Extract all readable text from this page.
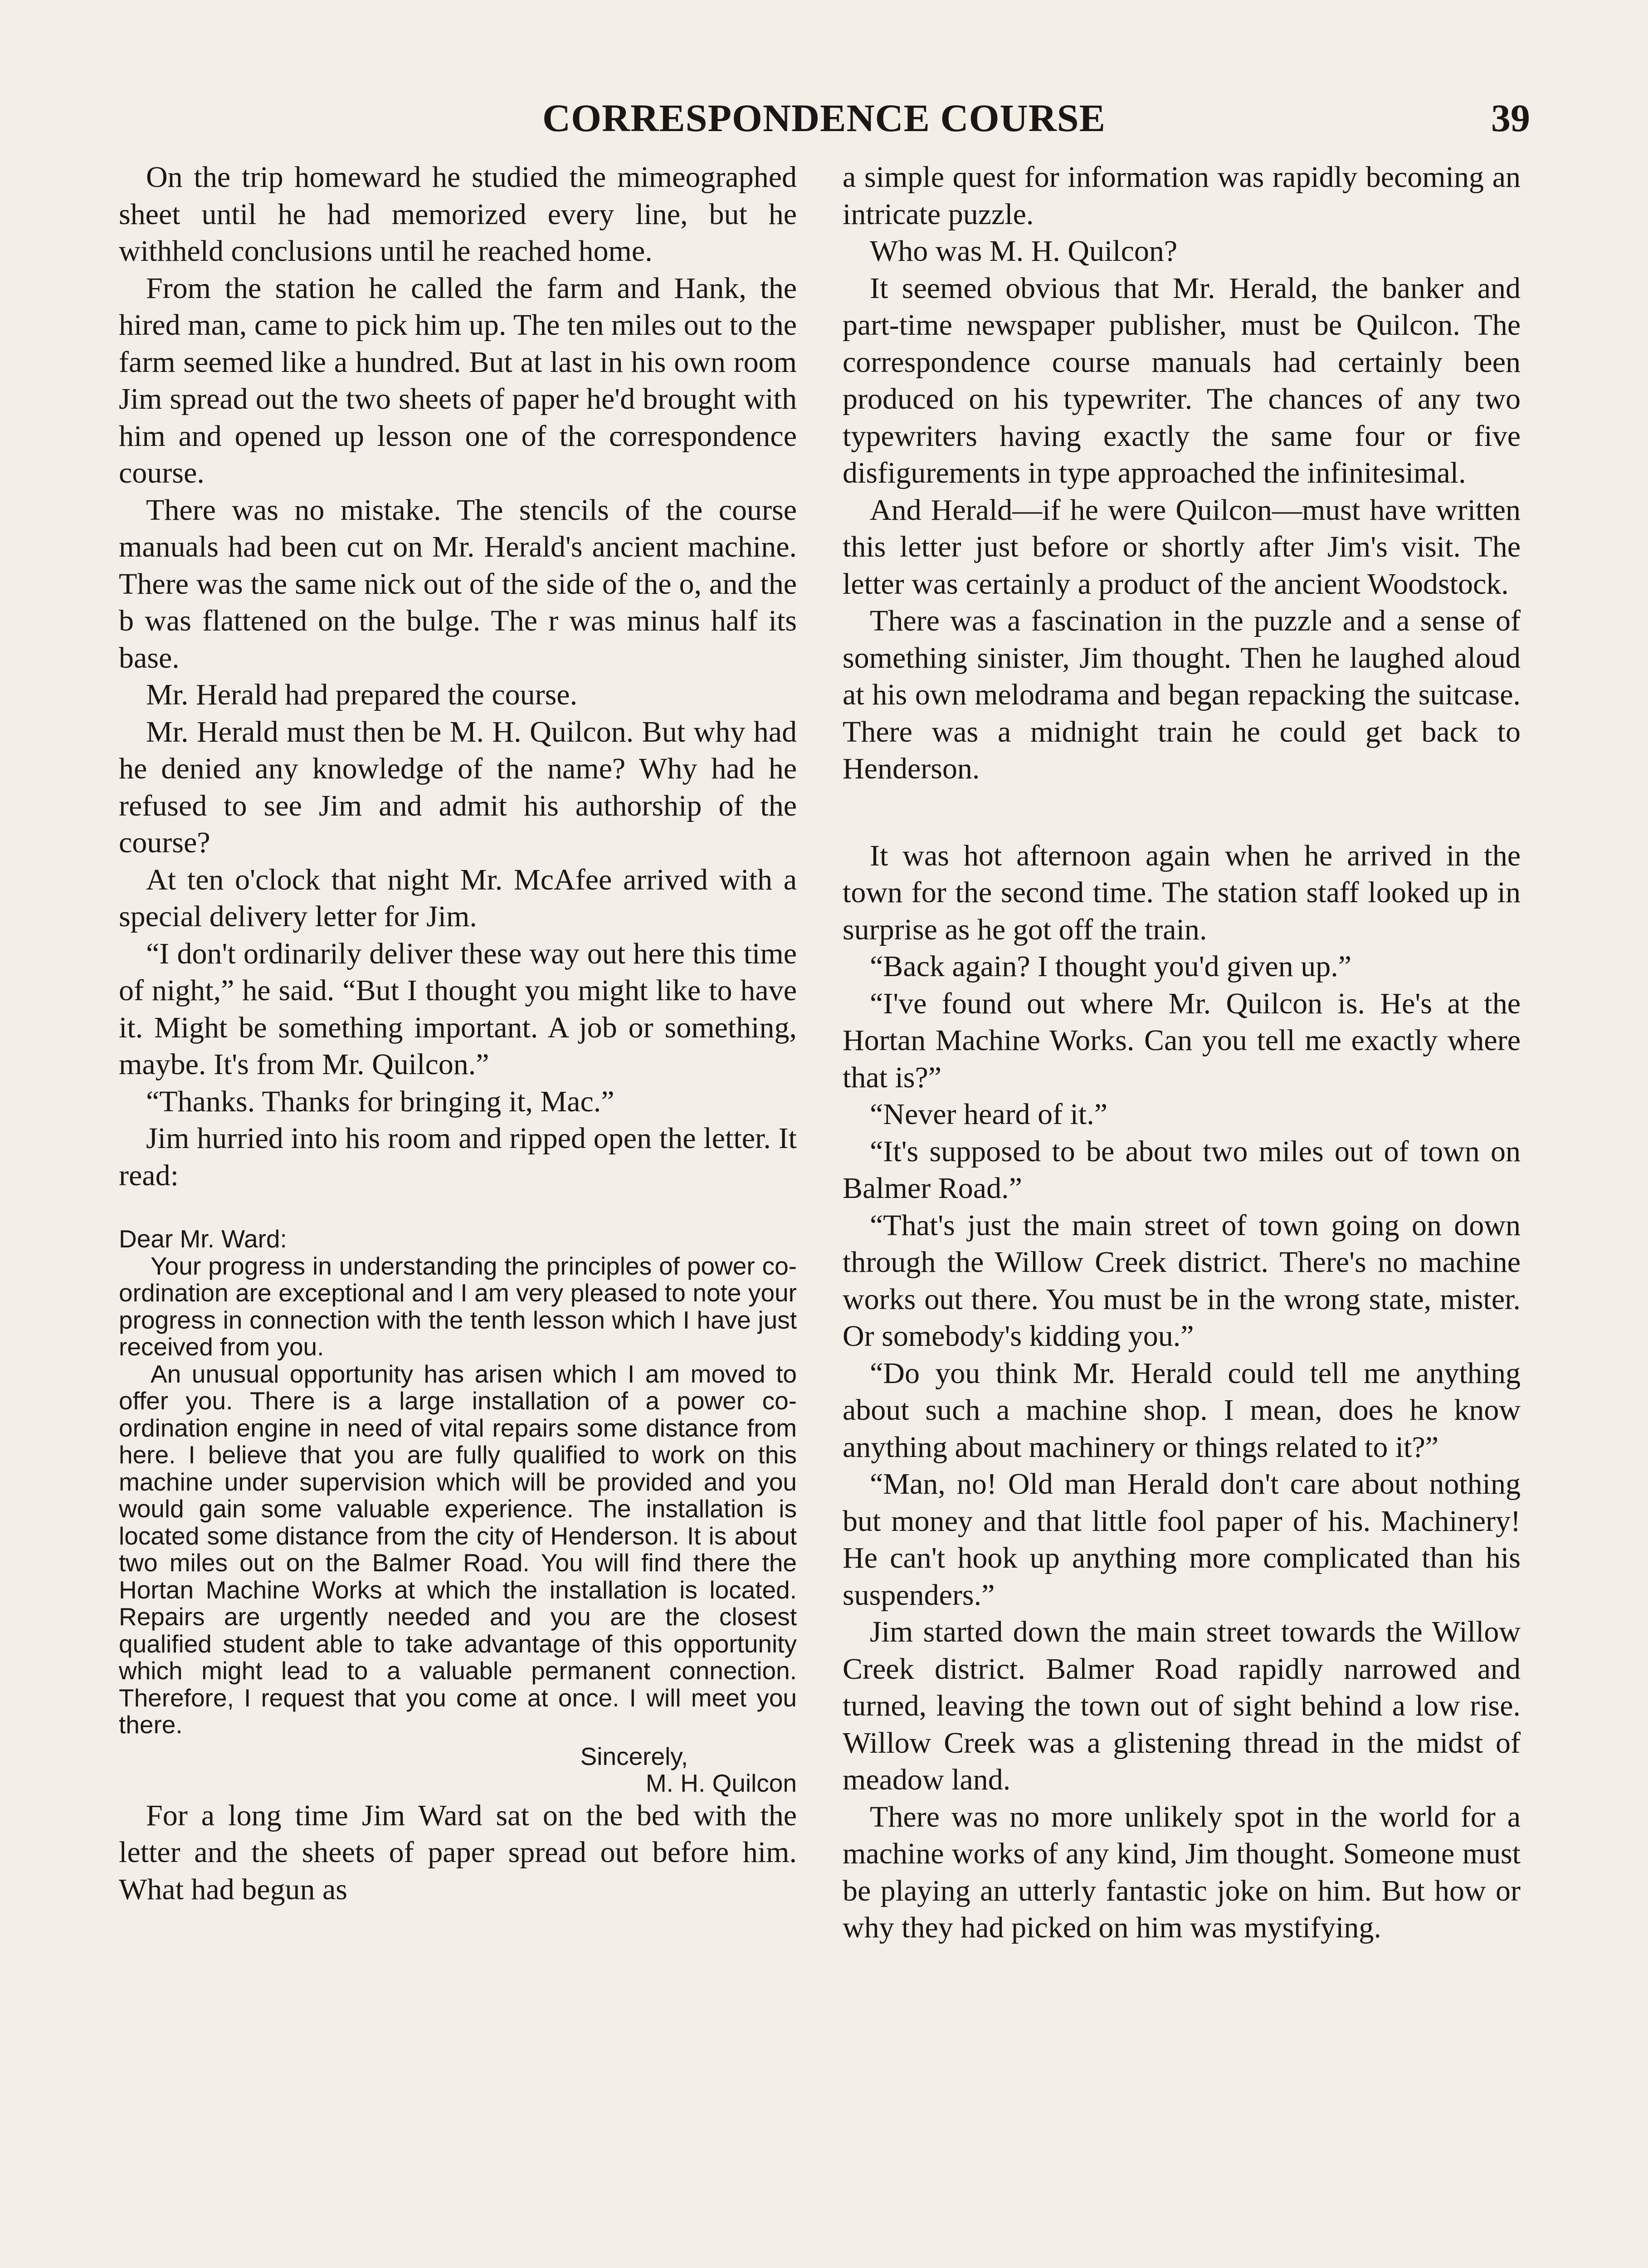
CORRESPONDENCE COURSE	39

On the trip homeward he studied the mimeographed sheet until he had memorized every line, but he withheld conclusions until he reached home.

From the station he called the farm and Hank, the hired man, came to pick him up. The ten miles out to the farm seemed like a hundred. But at last in his own room Jim spread out the two sheets of paper he'd brought with him and opened up lesson one of the correspondence course.

There was no mistake. The stencils of the course manuals had been cut on Mr. Herald's ancient machine. There was the same nick out of the side of the o, and the b was flattened on the bulge. The r was minus half its base.

Mr. Herald had prepared the course.

Mr. Herald must then be M. H. Quilcon. But why had he denied any knowledge of the name? Why had he refused to see Jim and admit his authorship of the course?

At ten o'clock that night Mr. McAfee arrived with a special delivery letter for Jim.

“I don't ordinarily deliver these way out here this time of night,” he said. “But I thought you might like to have it. Might be something important. A job or something, maybe. It's from Mr. Quilcon.”

“Thanks. Thanks for bringing it, Mac.”

Jim hurried into his room and ripped open the letter. It read:

Dear Mr. Ward:

Your progress in understanding the principles of power co-ordination are exceptional and I am very pleased to note your progress in connection with the tenth lesson which I have just received from you.

An unusual opportunity has arisen which I am moved to offer you. There is a large installation of a power co-ordination engine in need of vital repairs some distance from here. I believe that you are fully qualified to work on this machine under supervision which will be provided and you would gain some valuable experience. The installation is located some distance from the city of Henderson. It is about two miles out on the Balmer Road. You will find there the Hortan Machine Works at which the installation is located. Repairs are urgently needed and you are the closest qualified student able to take advantage of this opportunity which might lead to a valuable permanent connection. Therefore, I request that you come at once. I will meet you there.

Sincerely,

M. H. Quilcon

For a long time Jim Ward sat on the bed with the letter and the sheets of paper spread out before him. What had begun as

a simple quest for information was rapidly becoming an intricate puzzle.

Who was M. H. Quilcon?

It seemed obvious that Mr. Herald, the banker and part-time newspaper publisher, must be Quilcon. The correspondence course manuals had certainly been produced on his typewriter. The chances of any two typewriters having exactly the same four or five disfigurements in type approached the infinitesimal.

And Herald—if he were Quilcon—must have written this letter just before or shortly after Jim's visit. The letter was certainly a product of the ancient Woodstock.

There was a fascination in the puzzle and a sense of something sinister, Jim thought. Then he laughed aloud at his own melodrama and began repacking the suitcase. There was a midnight train he could get back to Henderson.

It was hot afternoon again when he arrived in the town for the second time. The station staff looked up in surprise as he got off the train.

“Back again? I thought you'd given up.”

“I've found out where Mr. Quilcon is. He's at the Hortan Machine Works. Can you tell me exactly where that is?”

“Never heard of it.”

“It's supposed to be about two miles out of town on Balmer Road.”

“That's just the main street of town going on down through the Willow Creek district. There's no machine works out there. You must be in the wrong state, mister. Or somebody's kidding you.”

“Do you think Mr. Herald could tell me anything about such a machine shop. I mean, does he know anything about machinery or things related to it?”

“Man, no! Old man Herald don't care about nothing but money and that little fool paper of his. Machinery! He can't hook up anything more complicated than his suspenders.”

Jim started down the main street towards the Willow Creek district. Balmer Road rapidly narrowed and turned, leaving the town out of sight behind a low rise. Willow Creek was a glistening thread in the midst of meadow land.

There was no more unlikely spot in the world for a machine works of any kind, Jim thought. Someone must be playing an utterly fantastic joke on him. But how or why they had picked on him was mystifying.
